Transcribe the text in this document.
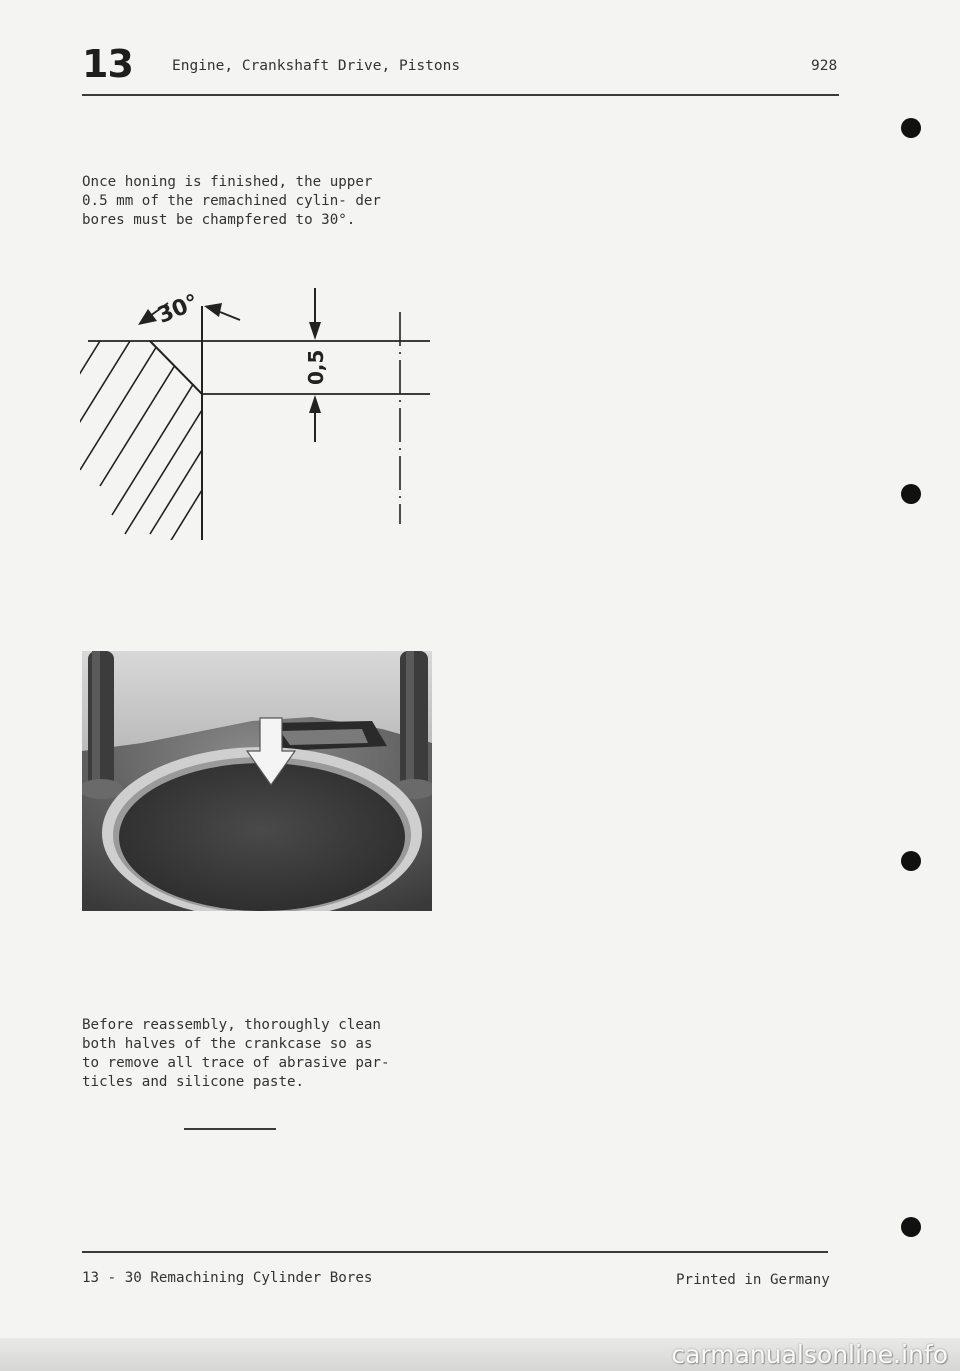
13	Engine, Crankshaft Drive, Pistons	928
Once honing is finished, the upper
0.5 mm of the remachined cylin- der
bores must be champfered to 30°.
30°
0,5
Before reassembly, thoroughly clean
both halves of the crankcase so as
to remove all trace of abrasive par-
ticles and silicone paste.
13 - 30 Remachining Cylinder Bores	Printed in Germany
carmanualsonline.info
